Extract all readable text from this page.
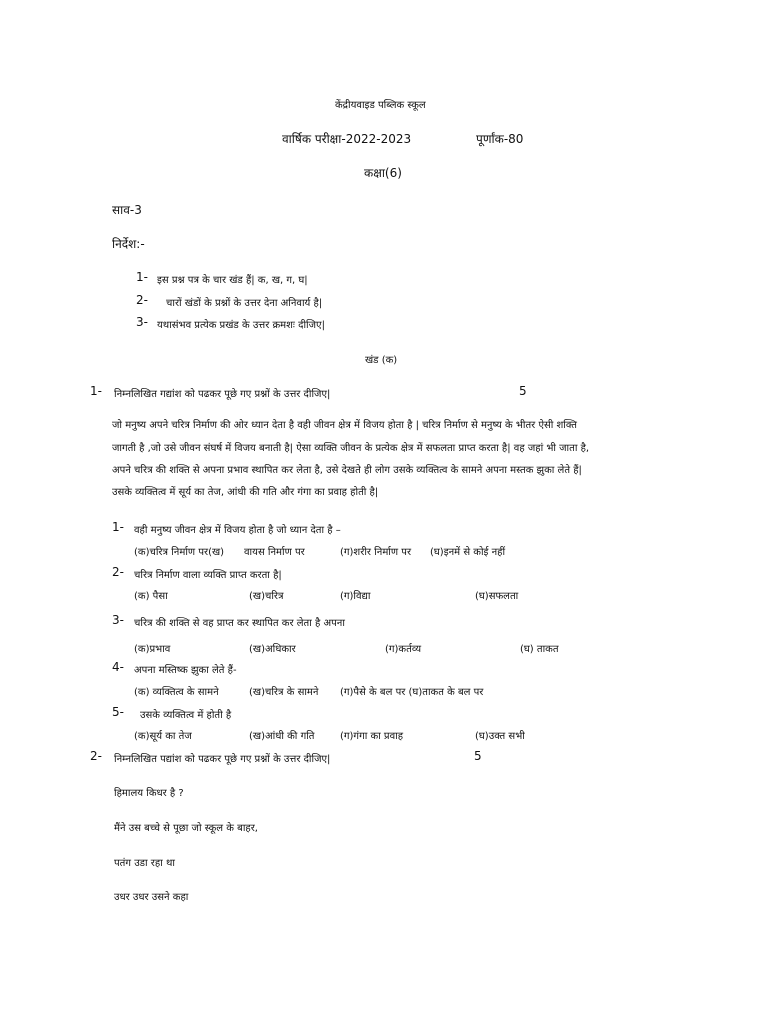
केंद्रीयवाइड पब्लिक स्कूल
वार्षिक परीक्षा-2022-2023	पूर्णांक-80
कक्षा(6)
साव-3
निर्देश:-
1- इस प्रश्न पत्र के चार खंड हैं| क, ख, ग, घ|
2- चारों खंडों के प्रश्नों के उत्तर देना अनिवार्य है|
3- यथासंभव प्रत्येक प्रखंड के उत्तर क्रमशः दीजिए|
खंड (क)
1- निम्नलिखित गद्यांश को पढकर पूछे गए प्रश्नों के उत्तर दीजिए|	5
जो मनुष्य अपने चरित्र निर्माण की ओर ध्यान देता है वही जीवन क्षेत्र में विजय होता है | चरित्र निर्माण से मनुष्य के भीतर ऐसी शक्ति
जागती है ,जो उसे जीवन संघर्ष में विजय बनाती है| ऐसा व्यक्ति जीवन के प्रत्येक क्षेत्र में सफलता प्राप्त करता है| वह जहां भी जाता है,
अपने चरित्र की शक्ति से अपना प्रभाव स्थापित कर लेता है, उसे देखते ही लोग उसके व्यक्तित्व के सामने अपना मस्तक झुका लेते हैं|
उसके व्यक्तित्व में सूर्य का तेज, आंधी की गति और गंगा का प्रवाह होती है|
1- वही मनुष्य जीवन क्षेत्र में विजय होता है जो ध्यान देता है –
(क)चरित्र निर्माण पर(ख) वायस निर्माण पर	(ग)शरीर निर्माण पर (घ)इनमें से कोई नहीं
2- चरित्र निर्माण वाला व्यक्ति प्राप्त करता है|
(क) पैसा	(ख)चरित्र	(ग)विद्या	(घ)सफलता
3- चरित्र की शक्ति से वह प्राप्त कर स्थापित कर लेता है अपना
(क)प्रभाव	(ख)अधिकार	(ग)कर्तव्य	(घ) ताकत
4- अपना मस्तिष्क झुका लेते हैं-
(क) व्यक्तित्व के सामने	(ख)चरित्र के सामने (ग)पैसे के बल पर (घ)ताकत के बल पर
5- उसके व्यक्तित्व में होती है
(क)सूर्य का तेज	(ख)आंधी की गति	(ग)गंगा का प्रवाह	(घ)उक्त सभी
2- निम्नलिखित पद्यांश को पढकर पूछे गए प्रश्नों के उत्तर दीजिए|	5
हिमालय किधर है ?
मैंने उस बच्चे से पूछा जो स्कूल के बाहर,
पतंग उडा रहा था
उधर उधर उसने कहा
